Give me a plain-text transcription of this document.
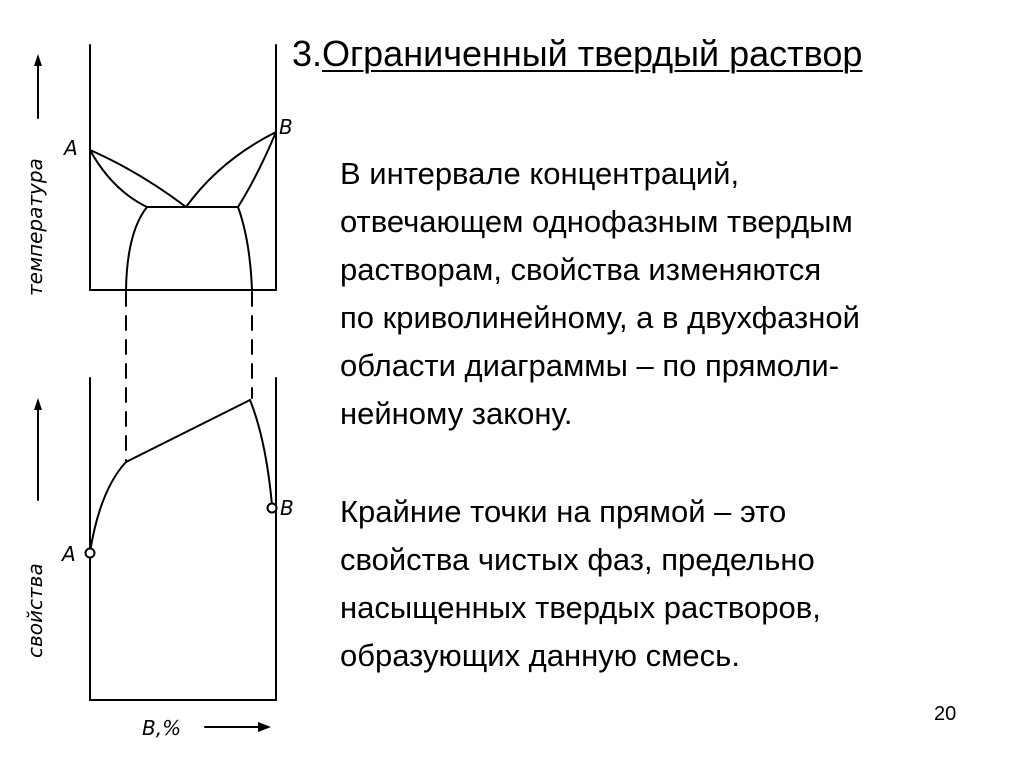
A
B
A
B
B,%
температура
свойства
3.Ограниченный твердый раствор

В интервале концентраций,
отвечающем однофазным твердым
растворам, свойства изменяются
по криволинейному, а в двухфазной
области диаграммы – по прямоли-
нейному закону.

Крайние точки на прямой – это
свойства чистых фаз, предельно
насыщенных твердых растворов,
образующих данную смесь.

20
